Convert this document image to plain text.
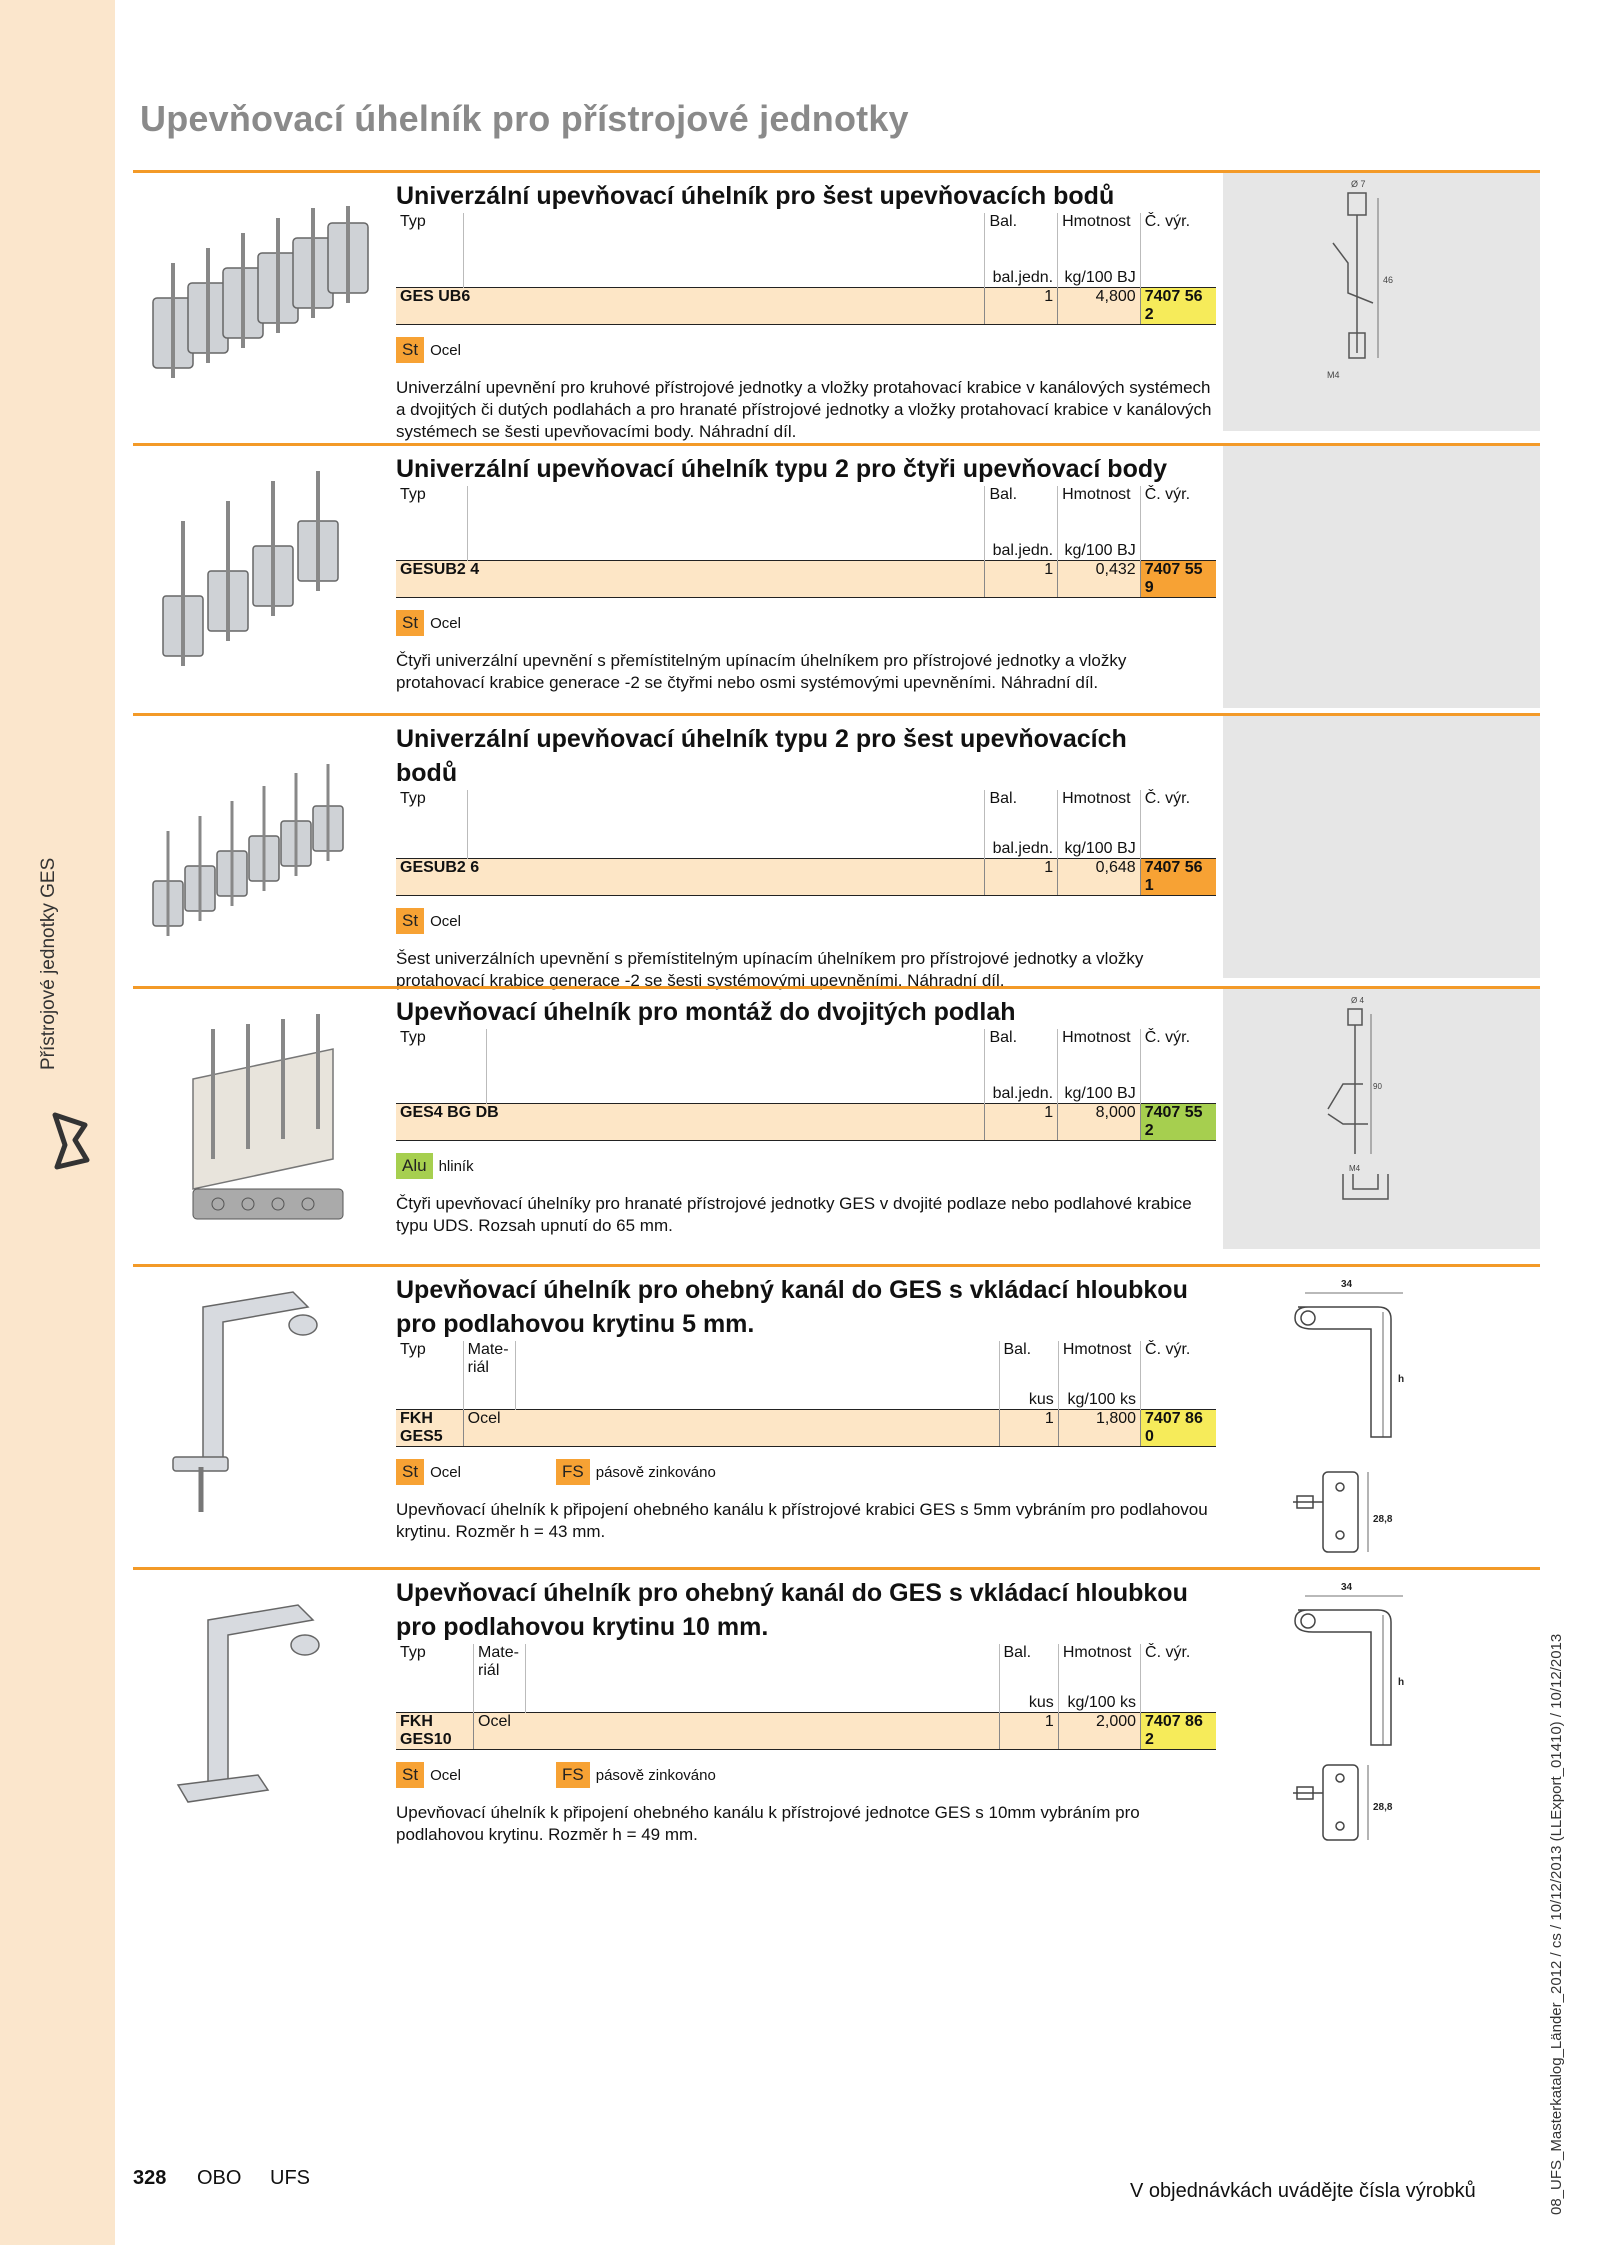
Přístrojové jednotky GES
Upevňovací úhelník pro přístrojové jednotky
Univerzální upevňovací úhelník pro šest upevňovacích bodů
Typ		Bal.	Hmotnost	Č. výr.
		bal.jedn.	kg/100 BJ	
GES UB6		1	4,800	7407 56 2
St Ocel
Univerzální upevnění pro kruhové přístrojové jednotky a vložky protahovací krabice v kanálových systémech a dvojitých či dutých podlahách a pro hranaté přístrojové jednotky a vložky protahovací krabice v kanálových systémech se šesti upevňovacími body. Náhradní díl.
Ø 7
46
M4
Univerzální upevňovací úhelník typu 2 pro čtyři upevňovací body
Typ		Bal.	Hmotnost	Č. výr.
		bal.jedn.	kg/100 BJ	
GESUB2 4		1	0,432	7407 55 9
St Ocel
Čtyři univerzální upevnění s přemístitelným upínacím úhelníkem pro přístrojové jednotky a vložky protahovací krabice generace -2 se čtyřmi nebo osmi systémovými upevněními. Náhradní díl.
Univerzální upevňovací úhelník typu 2 pro šest upevňovacích bodů
Typ		Bal.	Hmotnost	Č. výr.
		bal.jedn.	kg/100 BJ	
GESUB2 6		1	0,648	7407 56 1
St Ocel
Šest univerzálních upevnění s přemístitelným upínacím úhelníkem pro přístrojové jednotky a vložky protahovací krabice generace -2 se šesti systémovými upevněními. Náhradní díl.
Upevňovací úhelník pro montáž do dvojitých podlah
Typ		Bal.	Hmotnost	Č. výr.
		bal.jedn.	kg/100 BJ	
GES4 BG DB		1	8,000	7407 55 2
Alu hliník
Čtyři upevňovací úhelníky pro hranaté přístrojové jednotky GES v dvojité podlaze nebo podlahové krabice typu UDS. Rozsah upnutí do 65 mm.
Ø 4
90
M4
Upevňovací úhelník pro ohebný kanál do GES s vkládací hloubkou pro podlahovou krytinu 5 mm.
Typ	Mate-riál		Bal.	Hmotnost	Č. výr.
			kus	kg/100 ks	
FKH GES5	Ocel		1	1,800	7407 86 0
St Ocel	FS pásově zinkováno
Upevňovací úhelník k připojení ohebného kanálu k přístrojové krabici GES s 5mm vybráním pro podlahovou krytinu. Rozměr h = 43 mm.
34
h
28,8
Upevňovací úhelník pro ohebný kanál do GES s vkládací hloubkou pro podlahovou krytinu 10 mm.
Typ	Mate-riál		Bal.	Hmotnost	Č. výr.
			kus	kg/100 ks	
FKH GES10	Ocel		1	2,000	7407 86 2
St Ocel	FS pásově zinkováno
Upevňovací úhelník k připojení ohebného kanálu k přístrojové jednotce GES s 10mm vybráním pro podlahovou krytinu. Rozměr h = 49 mm.
34
h
28,8
328 OBO UFS
V objednávkách uvádějte čísla výrobků	08_UFS_Masterkatalog_Länder_2012 / cs / 10/12/2013 (LLExport_01410) / 10/12/2013
